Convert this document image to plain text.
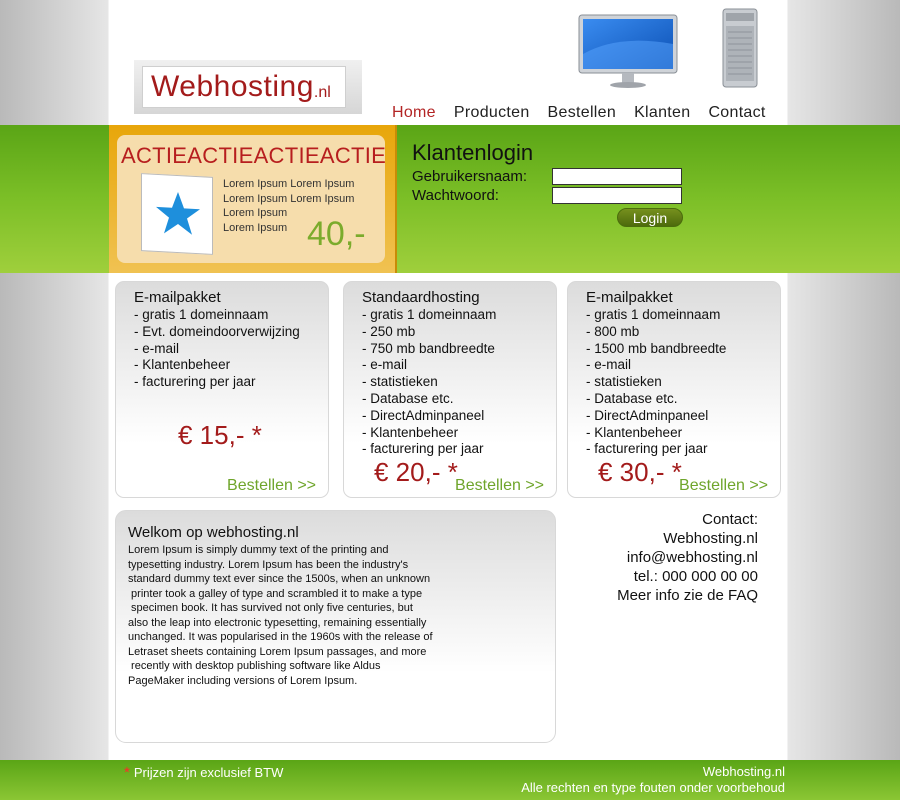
Webhosting .nl
Home Producten Bestellen Klanten Contact
ACTIEACTIEACTIEACTIE
Lorem Ipsum Lorem Ipsum
Lorem Ipsum Lorem Ipsum
Lorem Ipsum
Lorem Ipsum 40,-
Klantenlogin
Gebruikersnaam:
Wachtwoord:
Login
E-mailpakket
- gratis 1 domeinnaam
- Evt. domeindoorverwijzing
- e-mail
- Klantenbeheer
- facturering per jaar
€ 15,- *
Bestellen >>
Standaardhosting
- gratis 1 domeinnaam
- 250 mb
- 750 mb bandbreedte
- e-mail
- statistieken
- Database etc.
- DirectAdminpaneel
- Klantenbeheer
- facturering per jaar
€ 20,- *
Bestellen >>
E-mailpakket
- gratis 1 domeinnaam
- 800 mb
- 1500 mb bandbreedte
- e-mail
- statistieken
- Database etc.
- DirectAdminpaneel
- Klantenbeheer
- facturering per jaar
€ 30,- *
Bestellen >>
Welkom op webhosting.nl
Lorem Ipsum is simply dummy text of the printing and
typesetting industry. Lorem Ipsum has been the industry's
standard dummy text ever since the 1500s, when an unknown
printer took a galley of type and scrambled it to make a type
specimen book. It has survived not only five centuries, but
also the leap into electronic typesetting, remaining essentially
unchanged. It was popularised in the 1960s with the release of
Letraset sheets containing Lorem Ipsum passages, and more
recently with desktop publishing software like Aldus
PageMaker including versions of Lorem Ipsum.
Contact:
Webhosting.nl
info@webhosting.nl
tel.: 000 000 00 00
Meer info zie de FAQ
* Prijzen zijn exclusief BTW	Webhosting.nl
Alle rechten en type fouten onder voorbehoud
